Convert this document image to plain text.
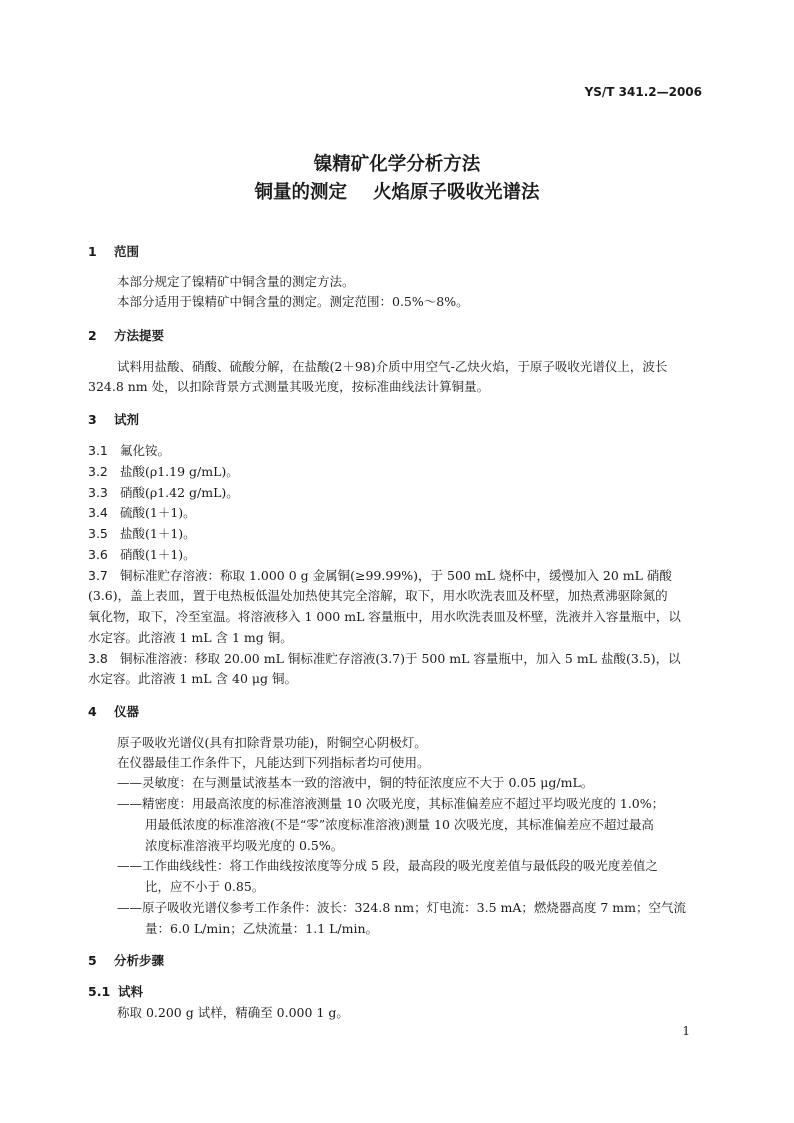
YS/T 341.2—2006
镍精矿化学分析方法
铜量的测定 火焰原子吸收光谱法
1 范围
本部分规定了镍精矿中铜含量的测定方法。
本部分适用于镍精矿中铜含量的测定。测定范围：0.5%～8%。
2 方法提要
试料用盐酸、硝酸、硫酸分解，在盐酸(2＋98)介质中用空气-乙炔火焰，于原子吸收光谱仪上，波长
324.8 nm 处，以扣除背景方式测量其吸光度，按标准曲线法计算铜量。
3 试剂
3.1 氟化铵。
3.2 盐酸(ρ1.19 g/mL)。
3.3 硝酸(ρ1.42 g/mL)。
3.4 硫酸(1＋1)。
3.5 盐酸(1＋1)。
3.6 硝酸(1＋1)。
3.7 铜标准贮存溶液：称取 1.000 0 g 金属铜(≥99.99%)，于 500 mL 烧杯中，缓慢加入 20 mL 硝酸
(3.6)，盖上表皿，置于电热板低温处加热使其完全溶解，取下，用水吹洗表皿及杯壁，加热煮沸驱除氮的
氧化物，取下，冷至室温。将溶液移入 1 000 mL 容量瓶中，用水吹洗表皿及杯壁，洗液并入容量瓶中，以
水定容。此溶液 1 mL 含 1 mg 铜。
3.8 铜标准溶液：移取 20.00 mL 铜标准贮存溶液(3.7)于 500 mL 容量瓶中，加入 5 mL 盐酸(3.5)，以
水定容。此溶液 1 mL 含 40 μg 铜。
4 仪器
原子吸收光谱仪(具有扣除背景功能)，附铜空心阴极灯。
在仪器最佳工作条件下，凡能达到下列指标者均可使用。
——灵敏度：在与测量试液基本一致的溶液中，铜的特征浓度应不大于 0.05 μg/mL。
——精密度：用最高浓度的标准溶液测量 10 次吸光度，其标准偏差应不超过平均吸光度的 1.0%；
用最低浓度的标准溶液(不是“零”浓度标准溶液)测量 10 次吸光度，其标准偏差应不超过最高
浓度标准溶液平均吸光度的 0.5%。
——工作曲线线性：将工作曲线按浓度等分成 5 段，最高段的吸光度差值与最低段的吸光度差值之
比，应不小于 0.85。
——原子吸收光谱仪参考工作条件：波长：324.8 nm；灯电流：3.5 mA；燃烧器高度 7 mm；空气流
量：6.0 L/min；乙炔流量：1.1 L/min。
5 分析步骤
5.1 试料
称取 0.200 g 试样，精确至 0.000 1 g。
1
